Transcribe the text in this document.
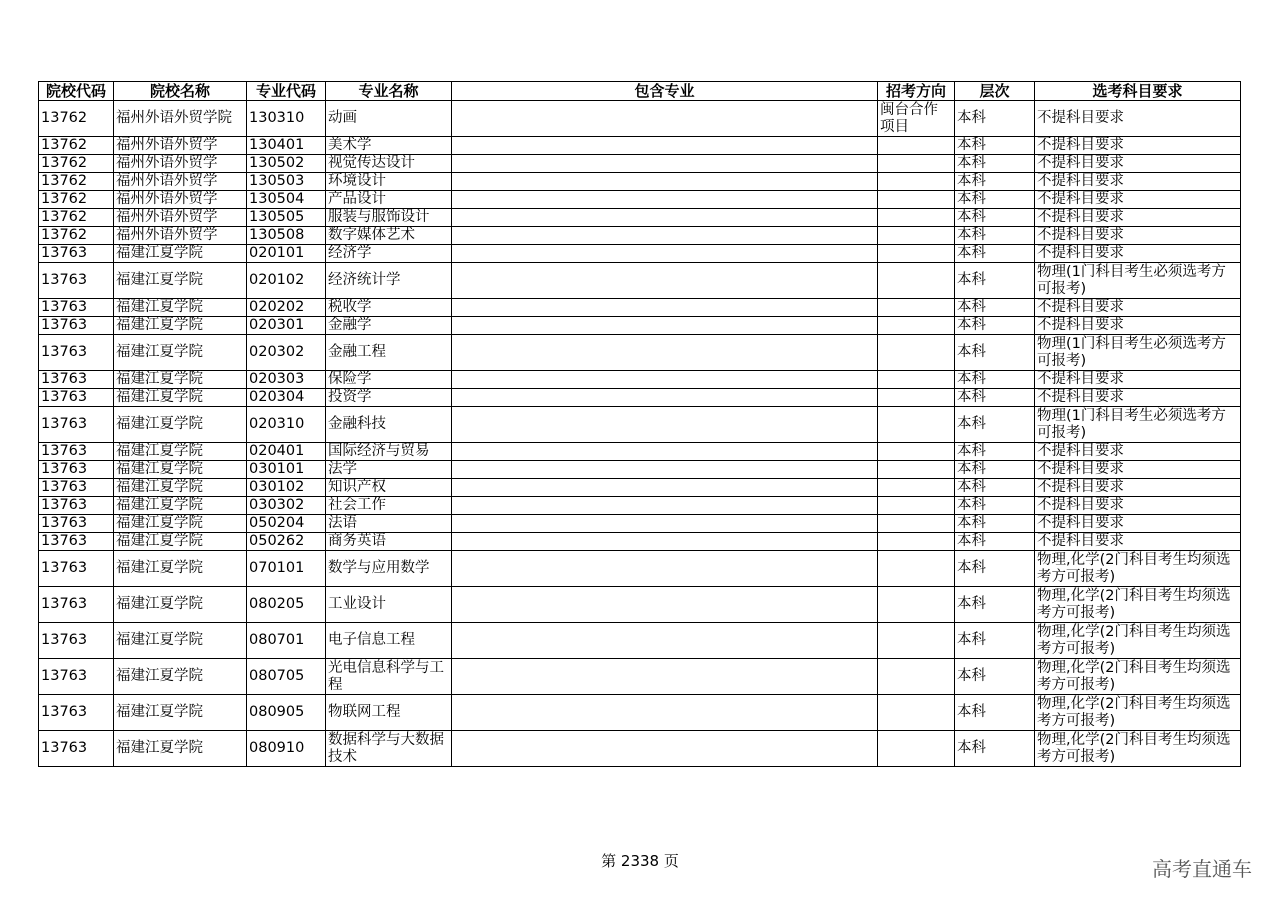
院校代码	院校名称	专业代码	专业名称	包含专业	招考方向	层次	选考科目要求
13762	福州外语外贸学院	130310	动画		闽台合作项目	本科	不提科目要求
13762	福州外语外贸学	130401	美术学			本科	不提科目要求
13762	福州外语外贸学	130502	视觉传达设计			本科	不提科目要求
13762	福州外语外贸学	130503	环境设计			本科	不提科目要求
13762	福州外语外贸学	130504	产品设计			本科	不提科目要求
13762	福州外语外贸学	130505	服装与服饰设计			本科	不提科目要求
13762	福州外语外贸学	130508	数字媒体艺术			本科	不提科目要求
13763	福建江夏学院	020101	经济学			本科	不提科目要求
13763	福建江夏学院	020102	经济统计学			本科	物理(1门科目考生必须选考方可报考)
13763	福建江夏学院	020202	税收学			本科	不提科目要求
13763	福建江夏学院	020301	金融学			本科	不提科目要求
13763	福建江夏学院	020302	金融工程			本科	物理(1门科目考生必须选考方可报考)
13763	福建江夏学院	020303	保险学			本科	不提科目要求
13763	福建江夏学院	020304	投资学			本科	不提科目要求
13763	福建江夏学院	020310	金融科技			本科	物理(1门科目考生必须选考方可报考)
13763	福建江夏学院	020401	国际经济与贸易			本科	不提科目要求
13763	福建江夏学院	030101	法学			本科	不提科目要求
13763	福建江夏学院	030102	知识产权			本科	不提科目要求
13763	福建江夏学院	030302	社会工作			本科	不提科目要求
13763	福建江夏学院	050204	法语			本科	不提科目要求
13763	福建江夏学院	050262	商务英语			本科	不提科目要求
13763	福建江夏学院	070101	数学与应用数学			本科	物理,化学(2门科目考生均须选考方可报考)
13763	福建江夏学院	080205	工业设计			本科	物理,化学(2门科目考生均须选考方可报考)
13763	福建江夏学院	080701	电子信息工程			本科	物理,化学(2门科目考生均须选考方可报考)
13763	福建江夏学院	080705	光电信息科学与工程			本科	物理,化学(2门科目考生均须选考方可报考)
13763	福建江夏学院	080905	物联网工程			本科	物理,化学(2门科目考生均须选考方可报考)
13763	福建江夏学院	080910	数据科学与大数据技术			本科	物理,化学(2门科目考生均须选考方可报考)
第 2338 页	高考直通车
